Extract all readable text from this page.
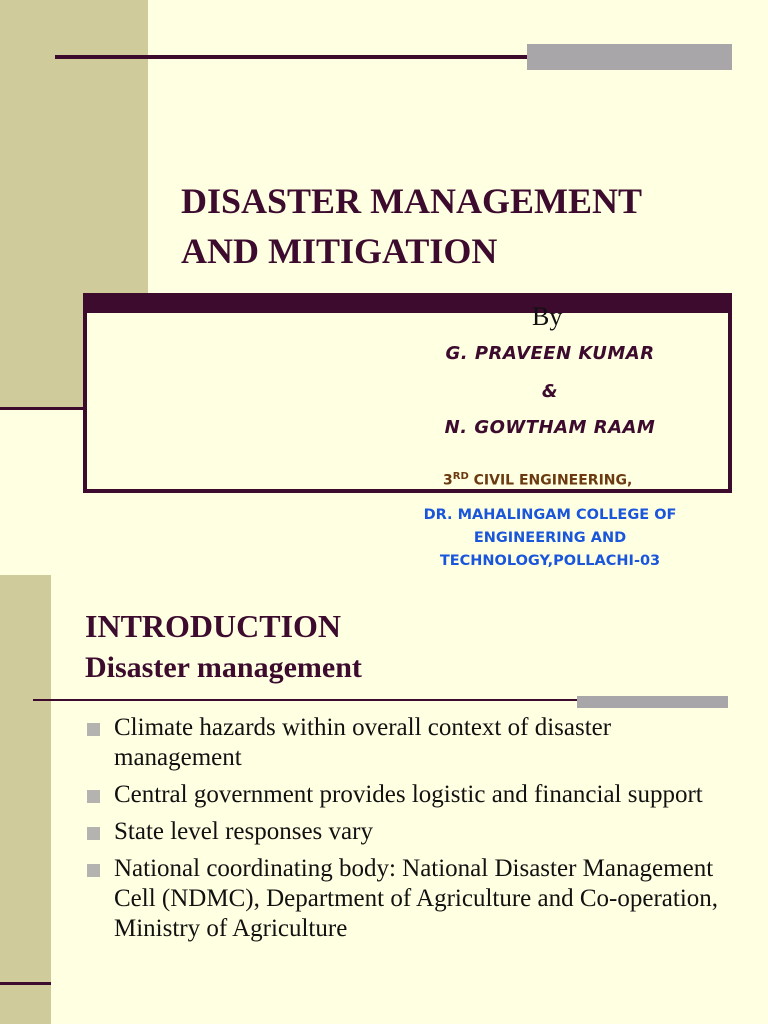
DISASTER MANAGEMENT
AND MITIGATION
By
G. PRAVEEN KUMAR
&
N. GOWTHAM RAAM
3RD CIVIL ENGINEERING,
DR. MAHALINGAM COLLEGE OF ENGINEERING AND TECHNOLOGY,POLLACHI-03
INTRODUCTION
Disaster management
Climate hazards within overall context of disaster management
Central government provides logistic and financial support
State level responses vary
National coordinating body: National Disaster Management Cell (NDMC), Department of Agriculture and Co-operation, Ministry of Agriculture
